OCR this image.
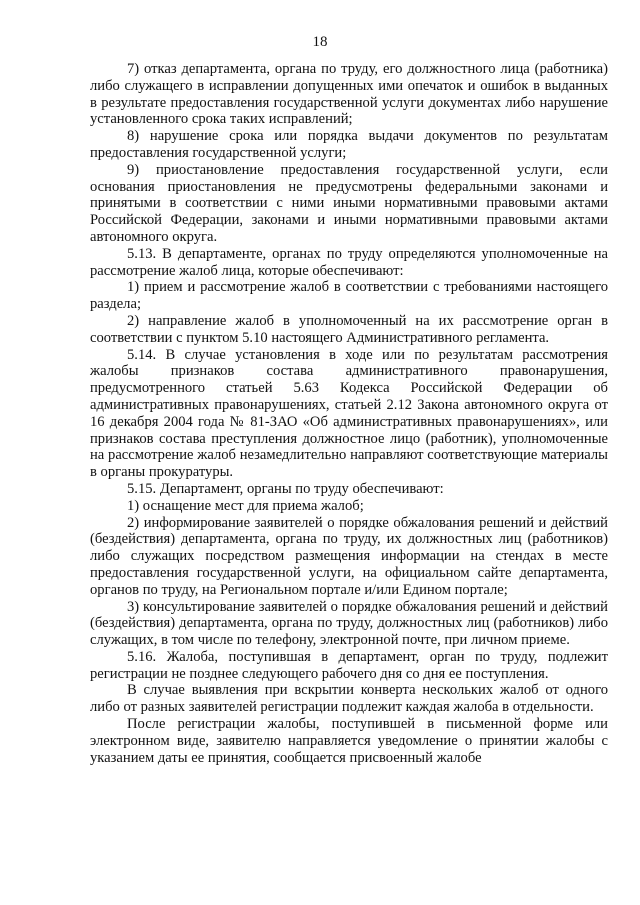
18

7) отказ департамента, органа по труду, его должностного лица (работника) либо служащего в исправлении допущенных ими опечаток и ошибок в выданных в результате предоставления государственной услуги документах либо нарушение установленного срока таких исправлений;

8) нарушение срока или порядка выдачи документов по результатам предоставления государственной услуги;

9) приостановление предоставления государственной услуги, если основания приостановления не предусмотрены федеральными законами и принятыми в соответствии с ними иными нормативными правовыми актами Российской Федерации, законами и иными нормативными правовыми актами автономного округа.

5.13. В департаменте, органах по труду определяются уполномоченные на рассмотрение жалоб лица, которые обеспечивают:

1) прием и рассмотрение жалоб в соответствии с требованиями настоящего раздела;

2) направление жалоб в уполномоченный на их рассмотрение орган в соответствии с пунктом 5.10 настоящего Административного регламента.

5.14. В случае установления в ходе или по результатам рассмотрения жалобы признаков состава административного правонарушения, предусмотренного статьей 5.63 Кодекса Российской Федерации об административных правонарушениях, статьей 2.12 Закона автономного округа от 16 декабря 2004 года № 81-ЗАО «Об административных правонарушениях», или признаков состава преступления должностное лицо (работник), уполномоченные на рассмотрение жалоб незамедлительно направляют соответствующие материалы в органы прокуратуры.

5.15. Департамент, органы по труду обеспечивают:

1) оснащение мест для приема жалоб;

2) информирование заявителей о порядке обжалования решений и действий (бездействия) департамента, органа по труду, их должностных лиц (работников) либо служащих посредством размещения информации на стендах в месте предоставления государственной услуги, на официальном сайте департамента, органов по труду, на Региональном портале и/или Едином портале;

3) консультирование заявителей о порядке обжалования решений и действий (бездействия) департамента, органа по труду, должностных лиц (работников) либо служащих, в том числе по телефону, электронной почте, при личном приеме.

5.16. Жалоба, поступившая в департамент, орган по труду, подлежит регистрации не позднее следующего рабочего дня со дня ее поступления.

В случае выявления при вскрытии конверта нескольких жалоб от одного либо от разных заявителей регистрации подлежит каждая жалоба в отдельности.

После регистрации жалобы, поступившей в письменной форме или электронном виде, заявителю направляется уведомление о принятии жалобы с указанием даты ее принятия, сообщается присвоенный жалобе
